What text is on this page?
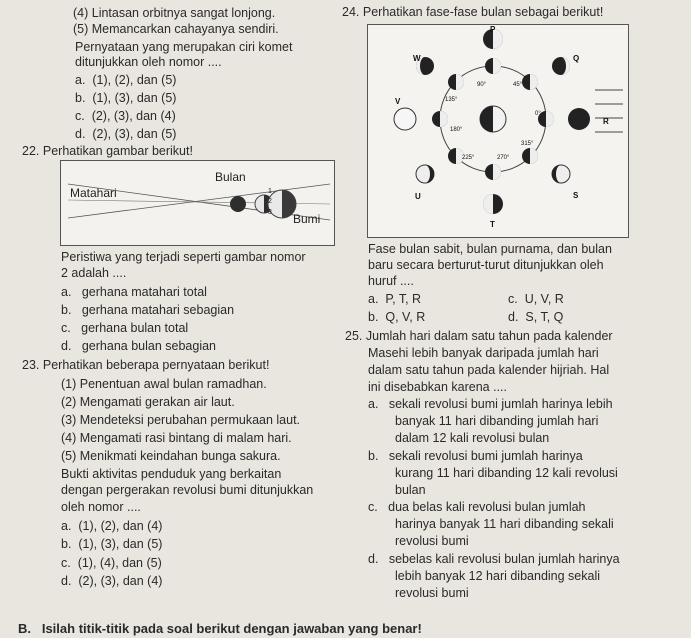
(4) Lintasan orbitnya sangat lonjong.
(5) Memancarkan cahayanya sendiri.
Pernyataan yang merupakan ciri komet
ditunjukkan oleh nomor ....
a. (1), (2), dan (5)
b. (1), (3), dan (5)
c. (2), (3), dan (4)
d. (2), (3), dan (5)
22. Perhatikan gambar berikut!
Bulan
Matahari
Bumi
1
2
3
Peristiwa yang terjadi seperti gambar nomor
2 adalah ....
a. gerhana matahari total
b. gerhana matahari sebagian
c. gerhana bulan total
d. gerhana bulan sebagian
23. Perhatikan beberapa pernyataan berikut!
(1) Penentuan awal bulan ramadhan.
(2) Mengamati gerakan air laut.
(3) Mendeteksi perubahan permukaan laut.
(4) Mengamati rasi bintang di malam hari.
(5) Menikmati keindahan bunga sakura.
Bukti aktivitas penduduk yang berkaitan
dengan pergerakan revolusi bumi ditunjukkan
oleh nomor ....
a. (1), (2), dan (4)
b. (1), (3), dan (5)
c. (1), (4), dan (5)
d. (2), (3), dan (4)
24. Perhatikan fase-fase bulan sebagai berikut!
P
Q
R
S
T
U
V
W
0°
45°
90°
135°
180°
225°	270°
315°
Fase bulan sabit, bulan purnama, dan bulan
baru secara berturut-turut ditunjukkan oleh
huruf ....
a. P, T, R
b. Q, V, R
c. U, V, R
d. S, T, Q
25. Jumlah hari dalam satu tahun pada kalender
Masehi lebih banyak daripada jumlah hari
dalam satu tahun pada kalender hijriah. Hal
ini disebabkan karena ....
a. sekali revolusi bumi jumlah harinya lebih
banyak 11 hari dibanding jumlah hari
dalam 12 kali revolusi bulan
b. sekali revolusi bumi jumlah harinya
kurang 11 hari dibanding 12 kali revolusi
bulan
c. dua belas kali revolusi bulan jumlah
harinya banyak 11 hari dibanding sekali
revolusi bumi
d. sebelas kali revolusi bulan jumlah harinya
lebih banyak 12 hari dibanding sekali
revolusi bumi
B. Isilah titik-titik pada soal berikut dengan jawaban yang benar!
